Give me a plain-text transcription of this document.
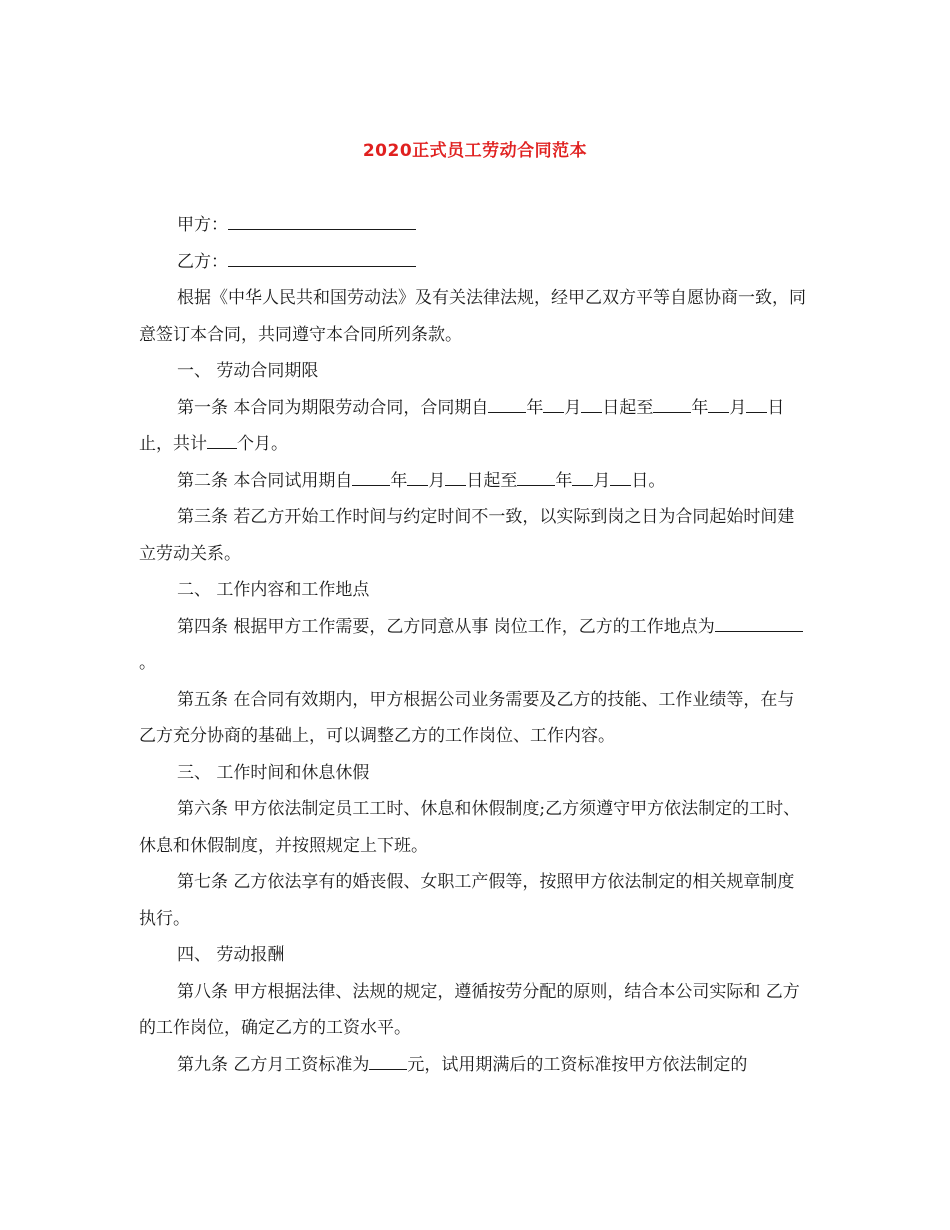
2020正式员工劳动合同范本

甲方：

乙方：

根据《中华人民共和国劳动法》及有关法律法规，经甲乙双方平等自愿协商一致，同意签订本合同，共同遵守本合同所列条款。

一、 劳动合同期限

第一条 本合同为期限劳动合同，合同期自 年 月 日起至 年 月 日止，共计 个月。

第二条 本合同试用期自 年 月 日起至 年 月 日。

第三条 若乙方开始工作时间与约定时间不一致，以实际到岗之日为合同起始时间建立劳动关系。

二、 工作内容和工作地点

第四条 根据甲方工作需要，乙方同意从事 岗位工作，乙方的工作地点为。

第五条 在合同有效期内，甲方根据公司业务需要及乙方的技能、工作业绩等，在与乙方充分协商的基础上，可以调整乙方的工作岗位、工作内容。

三、 工作时间和休息休假

第六条 甲方依法制定员工工时、休息和休假制度;乙方须遵守甲方依法制定的工时、休息和休假制度，并按照规定上下班。

第七条 乙方依法享有的婚丧假、女职工产假等，按照甲方依法制定的相关规章制度执行。

四、 劳动报酬

第八条 甲方根据法律、法规的规定，遵循按劳分配的原则，结合本公司实际和 乙方的工作岗位，确定乙方的工资水平。

第九条 乙方月工资标准为 元，试用期满后的工资标准按甲方依法制定的
